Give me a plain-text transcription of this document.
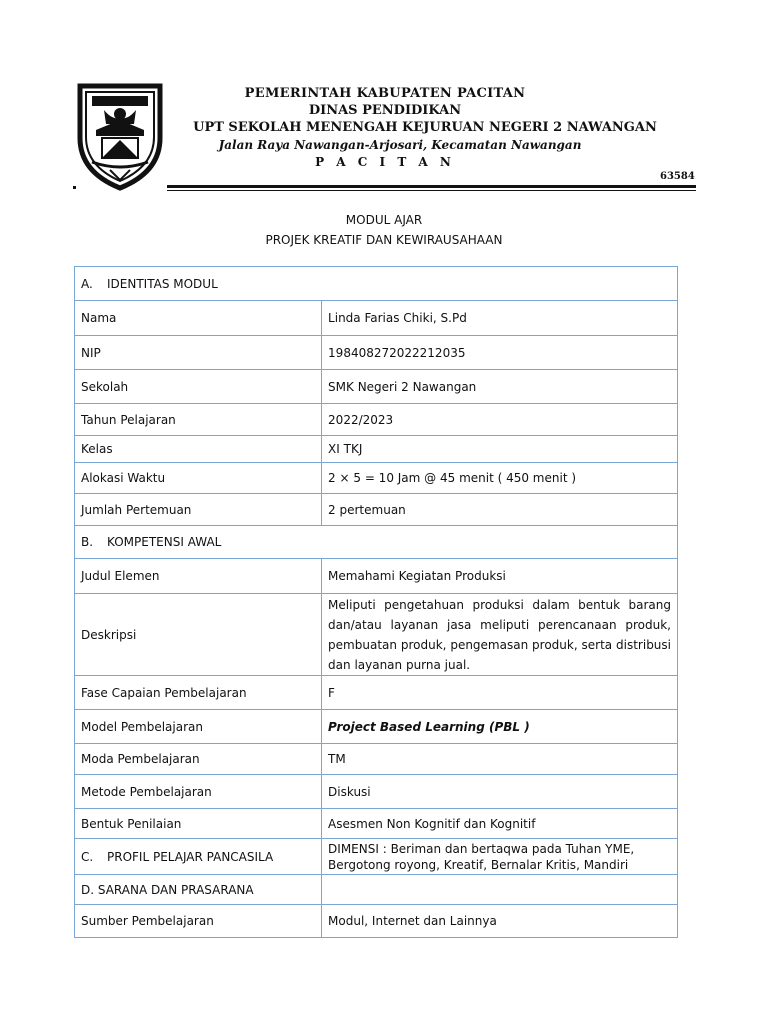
PEMERINTAH KABUPATEN PACITAN
DINAS PENDIDIKAN
UPT SEKOLAH MENENGAH KEJURUAN NEGERI 2 NAWANGAN
Jalan Raya Nawangan-Arjosari, Kecamatan Nawangan
P A C I T A N
63584
MODUL AJAR
PROJEK KREATIF DAN KEWIRAUSAHAAN
A. IDENTITAS MODUL	
Nama	Linda Farias Chiki, S.Pd
NIP	198408272022212035
Sekolah	SMK Negeri 2 Nawangan
Tahun Pelajaran	2022/2023
Kelas	XI TKJ
Alokasi Waktu	2 × 5 = 10 Jam @ 45 menit ( 450 menit )
Jumlah Pertemuan	2 pertemuan
B. KOMPETENSI AWAL	
Judul Elemen	Memahami Kegiatan Produksi
Deskripsi	Meliputi pengetahuan produksi dalam bentuk barang dan/atau layanan jasa meliputi perencanaan produk, pembuatan produk, pengemasan produk, serta distribusi dan layanan purna jual.
Fase Capaian Pembelajaran	F
Model Pembelajaran	Project Based Learning (PBL )
Moda Pembelajaran	TM
Metode Pembelajaran	Diskusi
Bentuk Penilaian	Asesmen Non Kognitif dan Kognitif
C. PROFIL PELAJAR PANCASILA	DIMENSI : Beriman dan bertaqwa pada Tuhan YME, Bergotong royong, Kreatif, Bernalar Kritis, Mandiri
D. SARANA DAN PRASARANA	
Sumber Pembelajaran	Modul, Internet dan Lainnya
